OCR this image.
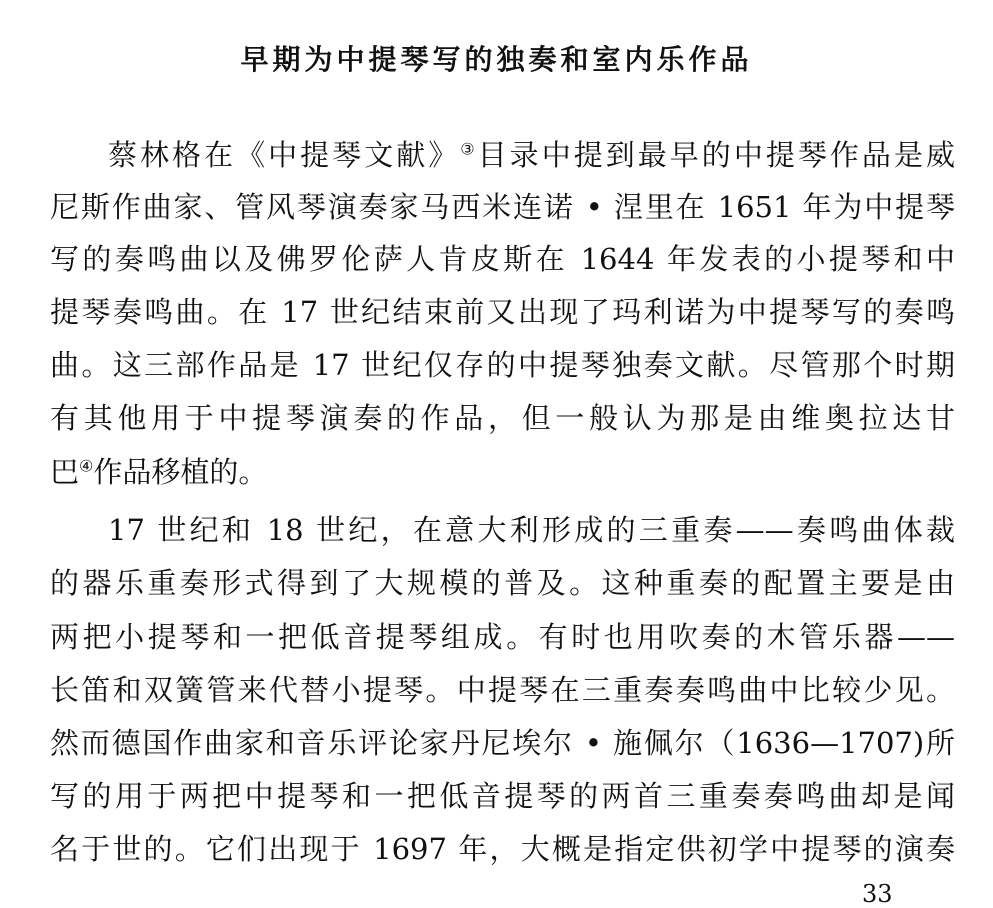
早期为中提琴写的独奏和室内乐作品
蔡林格在《中提琴文献》③目录中提到最早的中提琴作品是威
尼斯作曲家、管风琴演奏家马西米连诺 • 涅里在 1651 年为中提琴
写的奏鸣曲以及佛罗伦萨人肯皮斯在 1644 年发表的小提琴和中
提琴奏鸣曲。在 17 世纪结束前又出现了玛利诺为中提琴写的奏鸣
曲。这三部作品是 17 世纪仅存的中提琴独奏文献。尽管那个时期
有其他用于中提琴演奏的作品，但一般认为那是由维奥拉达甘
巴④作品移植的。
17 世纪和 18 世纪，在意大利形成的三重奏——奏鸣曲体裁
的器乐重奏形式得到了大规模的普及。这种重奏的配置主要是由
两把小提琴和一把低音提琴组成。有时也用吹奏的木管乐器——
长笛和双簧管来代替小提琴。中提琴在三重奏奏鸣曲中比较少见。
然而德国作曲家和音乐评论家丹尼埃尔 • 施佩尔（1636—1707)所
写的用于两把中提琴和一把低音提琴的两首三重奏奏鸣曲却是闻
名于世的。它们出现于 1697 年，大概是指定供初学中提琴的演奏
33
